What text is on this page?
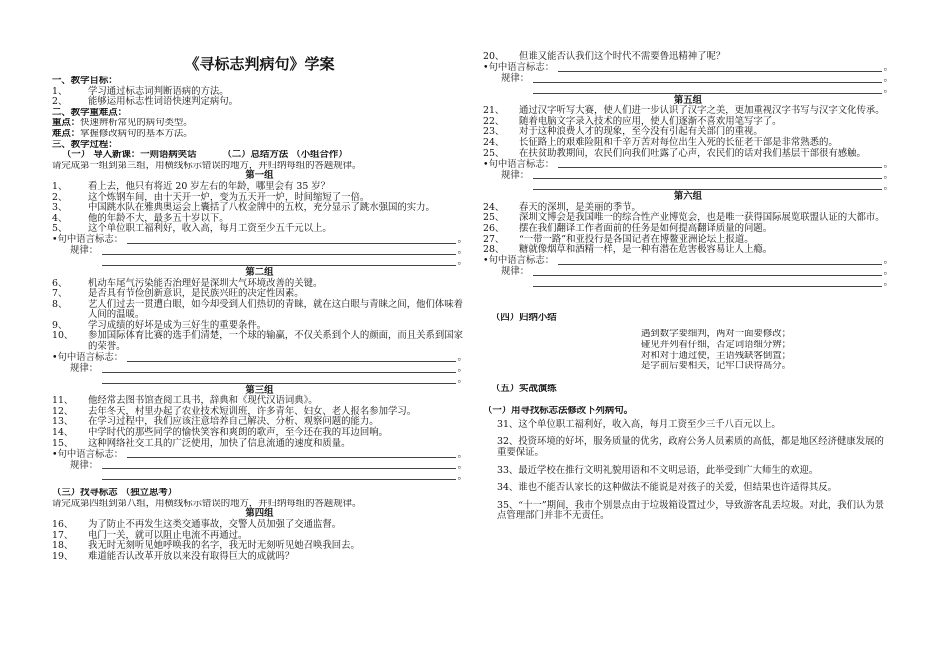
《寻标志判病句》学案
一、教学目标：
1、	学习通过标志词判断语病的方法。
2、	能够运用标志性词语快速判定病句。
二、教学重难点：
重点：快速辨析常见的病句类型。
难点：掌握修改病句的基本方法。
三、教学过程：
（一） 导入新课：一则语病笑话	（二）总结方法 （小组合作）
请完成第一组到第三组，用横线标示错误的地方，并归纳每组的答题规律。
第一组
1、	看上去，他只有将近 20 岁左右的年龄，哪里会有 35 岁？
2、	这个炼钢车间，由十天开一炉，变为五天开一炉，时间缩短了一倍。
3、	中国跳水队在雅典奥运会上囊括了八枚金牌中的五枚，充分显示了跳水强国的实力。
4、	他的年龄不大，最多五十岁以下。
5、	这个单位职工福利好，收入高，每月工资至少五千元以上。
•句中语言标志：	。
规律：	。
。
第二组
6、	机动车尾气污染能否治理好是深圳大气环境改善的关键。
7、	是否具有节俭创新意识，是民族兴旺的决定性因素。
8、	艺人们过去一贯遭白眼，如今却受到人们热切的青睐，就在这白眼与青睐之间，他们体味着人间的温暖。
9、	学习成绩的好坏是成为三好生的重要条件。
10、	参加国际体育比赛的选手们清楚，一个球的输赢，不仅关系到个人的颜面，而且关系到国家的荣誉。
•句中语言标志：	。
规律：	。
。
第三组
11、	他经常去图书馆查阅工具书，辞典和《现代汉语词典》。
12、	去年冬天，村里办起了农业技术短训班，许多青年、妇女、老人报名参加学习。
13、	在学习过程中，我们应该注意培养自己解决、分析、观察问题的能力。
14、	中学时代的那些同学的愉快笑容和爽朗的歌声，至今还在我的耳边回响。
15、	这种网络社交工具的广泛使用，加快了信息流通的速度和质量。
•句中语言标志：	。
规律：	。
。
（三）找寻标志 （独立思考）
请完成第四组到第八组，用横线标示错误的地方，并归纳每组的答题规律。
第四组
16、	为了防止不再发生这类交通事故，交警人员加强了交通监督。
17、	电门一关，就可以阻止电流不再通过。
18、	我无时无刻听见她呼唤我的名字，我无时无刻听见她召唤我回去。
19、	难道能否认改革开放以来没有取得巨大的成就吗？
20、	但谁又能否认我们这个时代不需要鲁迅精神了呢？
•句中语言标志：	。
规律：	。
。
第五组
21、	通过汉字听写大赛，使人们进一步认识了汉字之美，更加重视汉字书写与汉字文化传承。
22、	随着电脑文字录入技术的应用，使人们逐渐不喜欢用笔写字了。
23、	对于这种浪费人才的现象，至今没有引起有关部门的重视。
24、	长征路上的艰难险阻和千辛万苦对每位出生入死的长征老干部是非常熟悉的。
25、	在扶贫助教期间，农民们向我们吐露了心声，农民们的话对我们基层干部很有感触。
•句中语言标志：	。
规律：	。
。
第六组
24、	春天的深圳，是美丽的季节。
25、	深圳文博会是我国唯一的综合性产业博览会，也是唯一获得国际展览联盟认证的大都市。
26、	摆在我们翻译工作者面前的任务是如何提高翻译质量的问题。
27、	“一带一路”和亚投行是各国记者在博鳌亚洲论坛上报道。
28、	糖就像烟草和酒精一样，是一种有潜在危害极容易让人上瘾。
•句中语言标志：	。
规律：	。
。
（四）归纳小结
遇到数字要细判，两对一面要修改；
碰见并列看仔细，否定词语细分辨；
对和对于通过使，主语残缺客倒置；
是字前后要相关，记牢口诀得高分。
（五）实战演练
（一）用寻找标志法修改下列病句。
31、这个单位职工福利好，收入高，每月工资至少三千八百元以上。
32、投资环境的好坏，服务质量的优劣，政府公务人员素质的高低，都是地区经济健康发展的重要保证。
33、最近学校在推行文明礼貌用语和不文明忌语，此举受到广大师生的欢迎。
34、谁也不能否认家长的这种做法不能说是对孩子的关爱，但结果也许适得其反。
35、“十一”期间，我市个别景点由于垃圾箱设置过少，导致游客乱丢垃圾。对此，我们认为景点管理部门并非不无责任。
